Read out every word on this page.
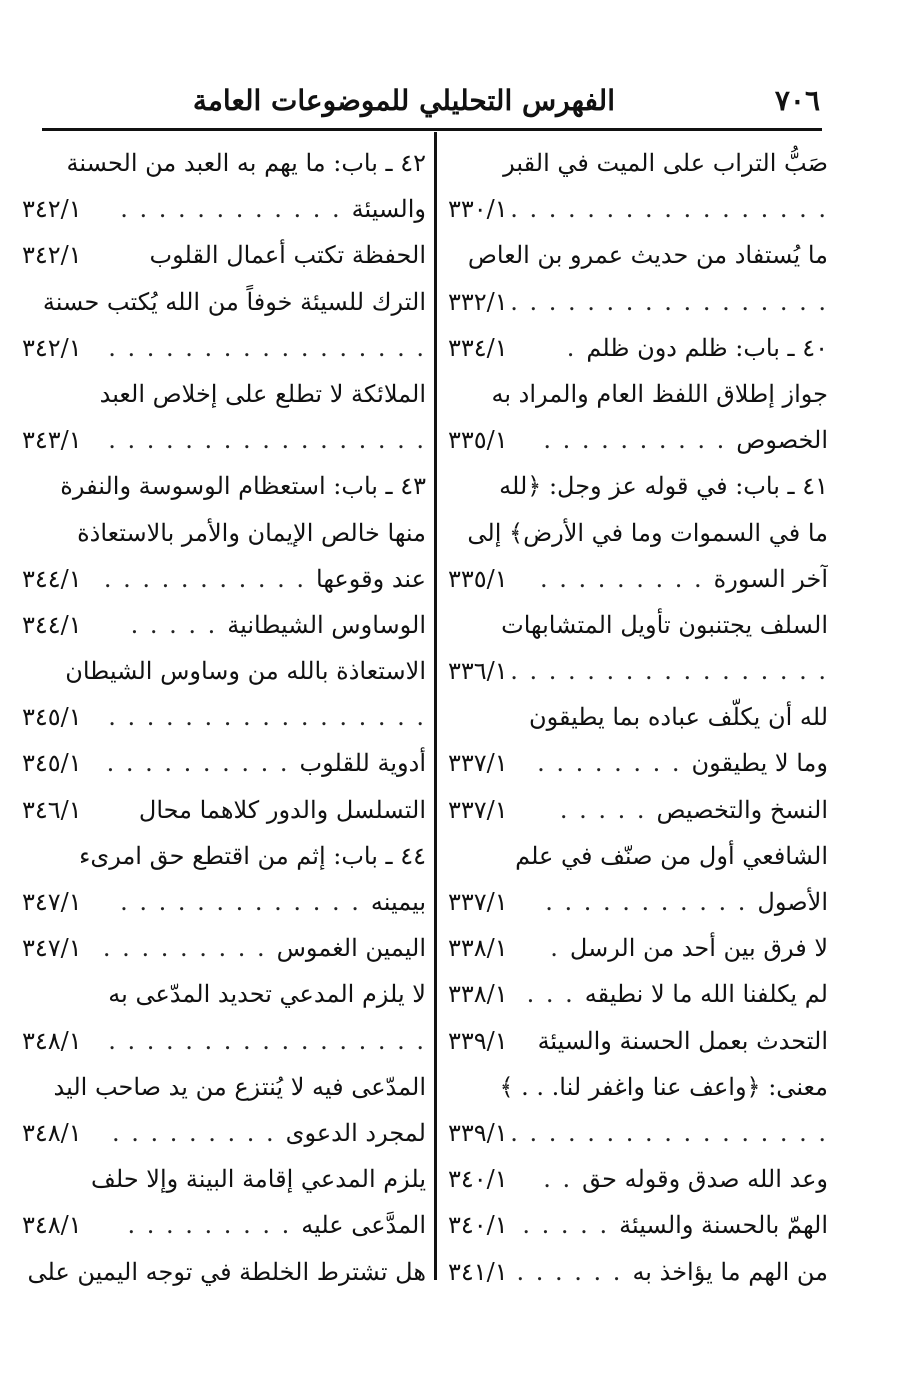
٧٠٦
الفهرس التحليلي للموضوعات العامة
صَبُّ التراب على الميت في القبر
. . . . . . . . . . . . . . . . .
٣٣٠/١
ما يُستفاد من حديث عمرو بن العاص
. . . . . . . . . . . . . . . . .
٣٣٢/١
٤٠ ـ باب: ظلم دون ظلم.
٣٣٤/١
جواز إطلاق اللفظ العام والمراد به
الخصوص. . . . . . . . . .
٣٣٥/١
٤١ ـ باب: في قوله عز وجل: ﴿لله
ما في السموات وما في الأرض﴾ إلى
آخر السورة. . . . . . . . .
٣٣٥/١
السلف يجتنبون تأويل المتشابهات
. . . . . . . . . . . . . . . . .
٣٣٦/١
لله أن يكلّف عباده بما يطيقون
وما لا يطيقون. . . . . . . .
٣٣٧/١
النسخ والتخصيص. . . . .
٣٣٧/١
الشافعي أول من صنّف في علم
الأصول. . . . . . . . . . .
٣٣٧/١
لا فرق بين أحد من الرسل.
٣٣٨/١
لم يكلفنا الله ما لا نطيقه. . .
٣٣٨/١
التحدث بعمل الحسنة والسيئة
٣٣٩/١
معنى: ﴿واعف عنا واغفر لنا. . . ﴾
. . . . . . . . . . . . . . . . .
٣٣٩/١
وعد الله صدق وقوله حق. .
٣٤٠/١
الهمّ بالحسنة والسيئة. . . . .
٣٤٠/١
من الهم ما يؤاخذ به. . . . . .
٣٤١/١
٤٢ ـ باب: ما يهم به العبد من الحسنة
والسيئة. . . . . . . . . . . .
٣٤٢/١
الحفظة تكتب أعمال القلوب
٣٤٢/١
الترك للسيئة خوفاً من الله يُكتب حسنة
. . . . . . . . . . . . . . . . .
٣٤٢/١
الملائكة لا تطلع على إخلاص العبد
. . . . . . . . . . . . . . . . .
٣٤٣/١
٤٣ ـ باب: استعظام الوسوسة والنفرة
منها خالص الإيمان والأمر بالاستعاذة
عند وقوعها. . . . . . . . . . .
٣٤٤/١
الوساوس الشيطانية. . . . .
٣٤٤/١
الاستعاذة بالله من وساوس الشيطان
. . . . . . . . . . . . . . . . .
٣٤٥/١
أدوية للقلوب. . . . . . . . . .
٣٤٥/١
التسلسل والدور كلاهما محال
٣٤٦/١
٤٤ ـ باب: إثم من اقتطع حق امرىء
بيمينه. . . . . . . . . . . . .
٣٤٧/١
اليمين الغموس. . . . . . . . .
٣٤٧/١
لا يلزم المدعي تحديد المدّعى به
. . . . . . . . . . . . . . . . .
٣٤٨/١
المدّعى فيه لا يُنتزع من يد صاحب اليد
لمجرد الدعوى. . . . . . . . .
٣٤٨/١
يلزم المدعي إقامة البينة وإلا حلف
المدَّعى عليه. . . . . . . . .
٣٤٨/١
هل تشترط الخلطة في توجه اليمين على
